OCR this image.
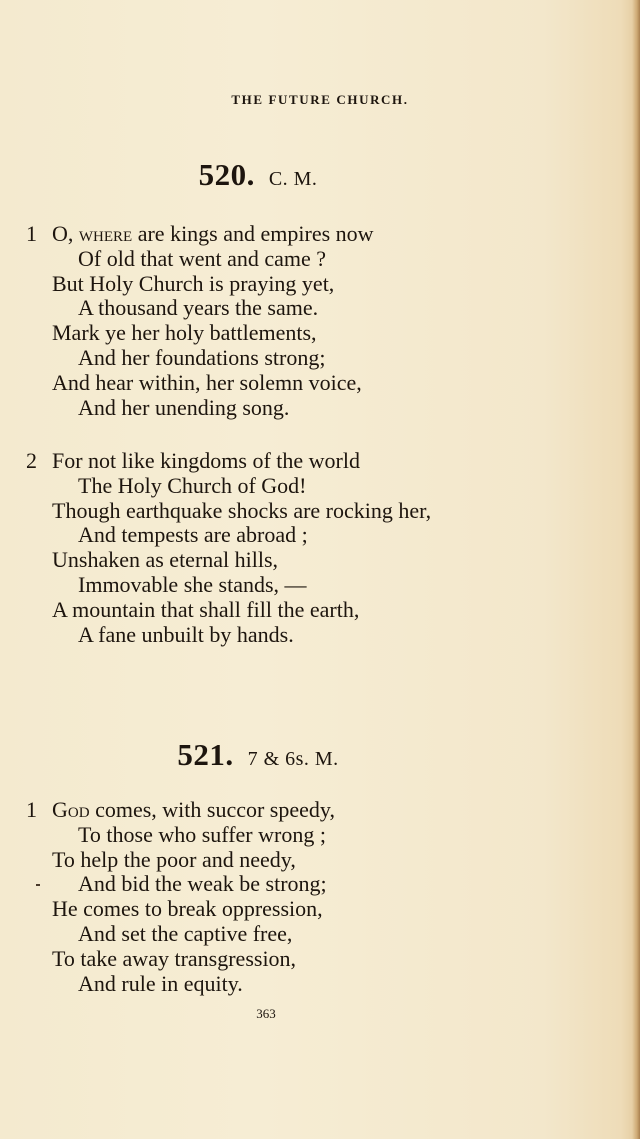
THE FUTURE CHURCH.
520. C. M.
1 O, where are kings and empires now
Of old that went and came ?
But Holy Church is praying yet,
A thousand years the same.
Mark ye her holy battlements,
And her foundations strong;
And hear within, her solemn voice,
And her unending song.
2 For not like kingdoms of the world
The Holy Church of God!
Though earthquake shocks are rocking her,
And tempests are abroad ;
Unshaken as eternal hills,
Immovable she stands, —
A mountain that shall fill the earth,
A fane unbuilt by hands.
521. 7 & 6s. M.
1 God comes, with succor speedy,
To those who suffer wrong ;
To help the poor and needy,
And bid the weak be strong;
He comes to break oppression,
And set the captive free,
To take away transgression,
And rule in equity.
363
